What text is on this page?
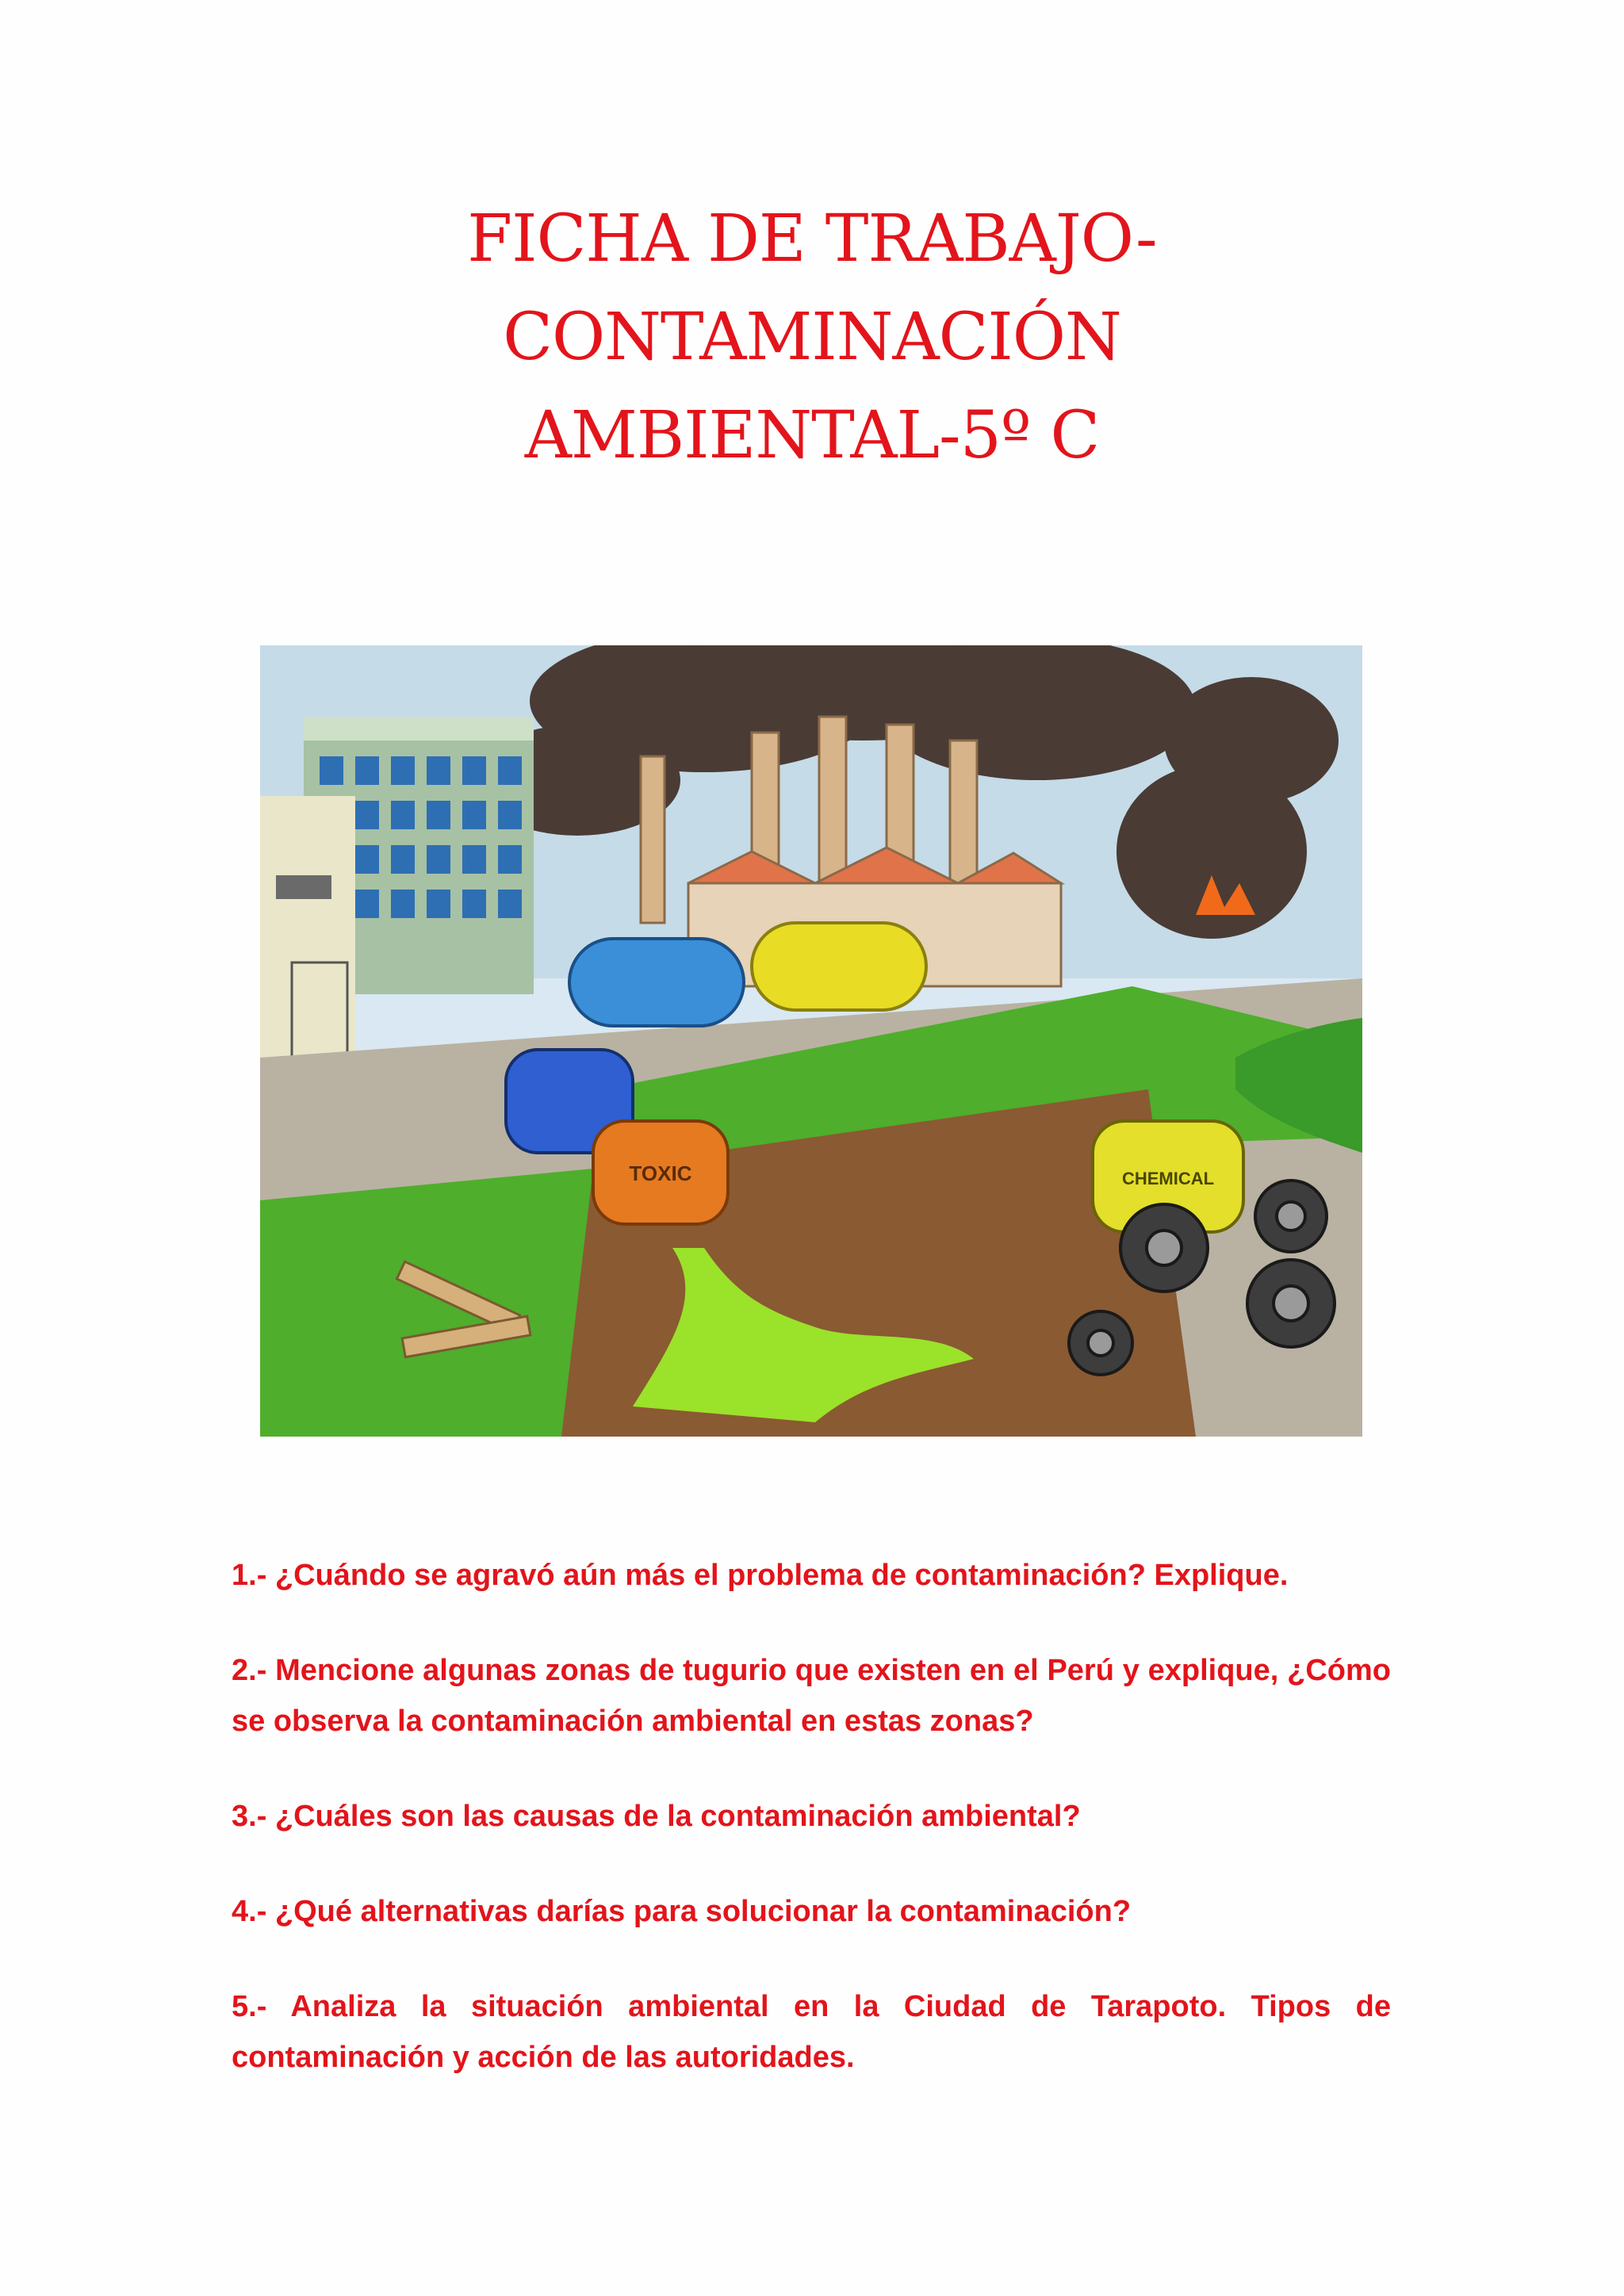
FICHA DE TRABAJO-
CONTAMINACIÓN
AMBIENTAL-5º C
TOXIC	CHEMICAL

1.- ¿Cuándo se agravó aún más el problema de contaminación? Explique.

2.- Mencione algunas zonas de tugurio que existen en el Perú y explique, ¿Cómo se observa la contaminación ambiental en estas zonas?

3.- ¿Cuáles son las causas de la contaminación ambiental?

4.- ¿Qué alternativas darías para solucionar la contaminación?

5.- Analiza la situación ambiental en la Ciudad de Tarapoto. Tipos de contaminación y acción de las autoridades.
